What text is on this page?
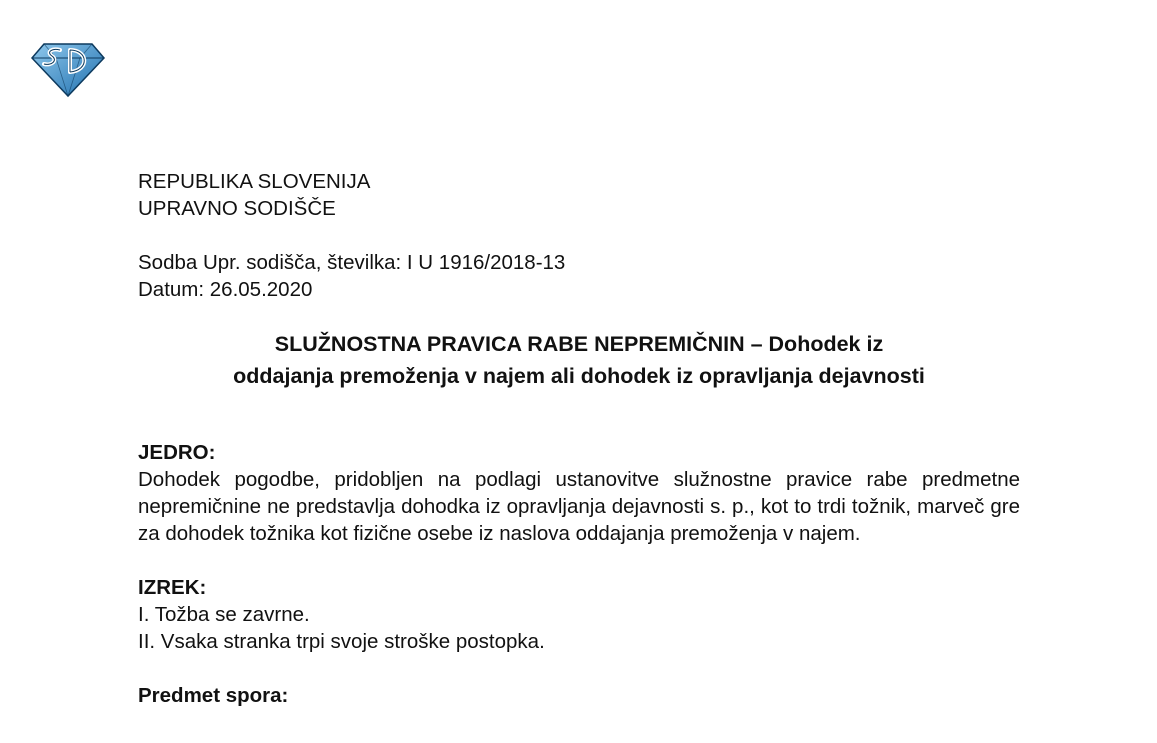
REPUBLIKA SLOVENIJA
UPRAVNO SODIŠČE
Sodba Upr. sodišča, številka: I U 1916/2018-13
Datum: 26.05.2020
SLUŽNOSTNA PRAVICA RABE NEPREMIČNIN – Dohodek iz
oddajanja premoženja v najem ali dohodek iz opravljanja dejavnosti
JEDRO:
Dohodek pogodbe, pridobljen na podlagi ustanovitve služnostne pravice rabe predmetne nepremičnine ne predstavlja dohodka iz opravljanja dejavnosti s. p., kot to trdi tožnik, marveč gre za dohodek tožnika kot fizične osebe iz naslova oddajanja premoženja v najem.
IZREK:
I. Tožba se zavrne.
II. Vsaka stranka trpi svoje stroške postopka.
Predmet spora:
